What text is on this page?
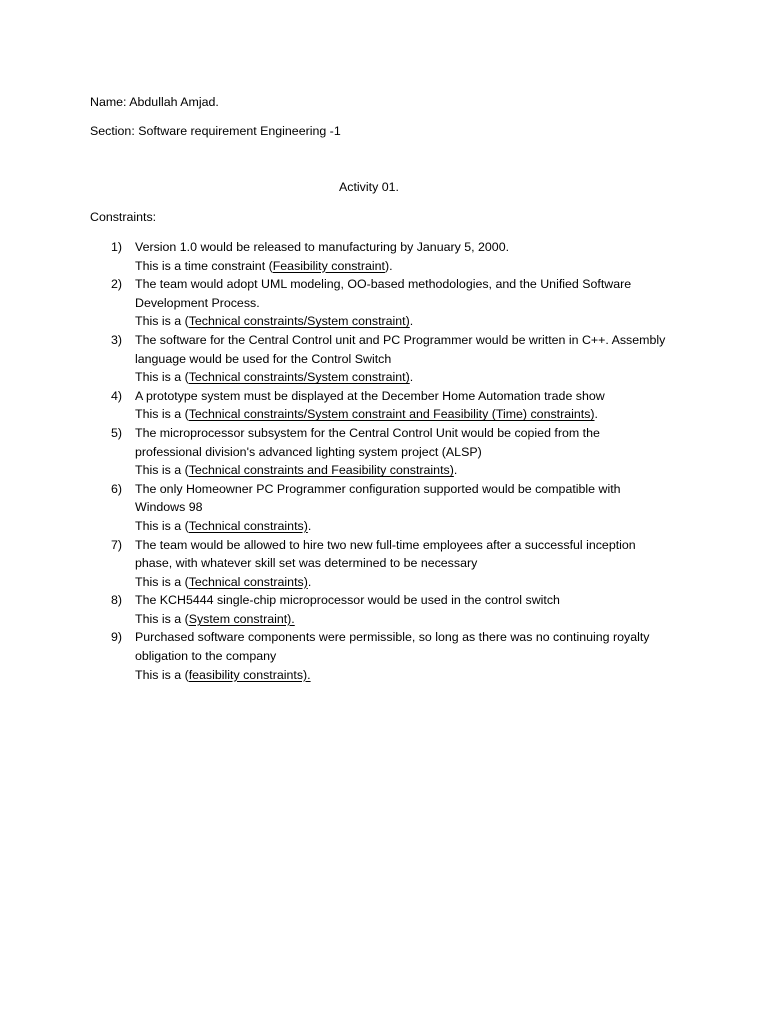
Name: Abdullah Amjad.
Section: Software requirement Engineering -1
Activity 01.
Constraints:
1) Version 1.0 would be released to manufacturing by January 5, 2000.
This is a time constraint (Feasibility constraint).
2) The team would adopt UML modeling, OO-based methodologies, and the Unified Software
Development Process.
This is a (Technical constraints/System constraint).
3) The software for the Central Control unit and PC Programmer would be written in C++. Assembly
language would be used for the Control Switch
This is a (Technical constraints/System constraint).
4) A prototype system must be displayed at the December Home Automation trade show
This is a (Technical constraints/System constraint and Feasibility (Time) constraints).
5) The microprocessor subsystem for the Central Control Unit would be copied from the
professional division's advanced lighting system project (ALSP)
This is a (Technical constraints and Feasibility constraints).
6) The only Homeowner PC Programmer configuration supported would be compatible with
Windows 98
This is a (Technical constraints).
7) The team would be allowed to hire two new full-time employees after a successful inception
phase, with whatever skill set was determined to be necessary
This is a (Technical constraints).
8) The KCH5444 single-chip microprocessor would be used in the control switch
This is a (System constraint).
9) Purchased software components were permissible, so long as there was no continuing royalty
obligation to the company
This is a (feasibility constraints).
